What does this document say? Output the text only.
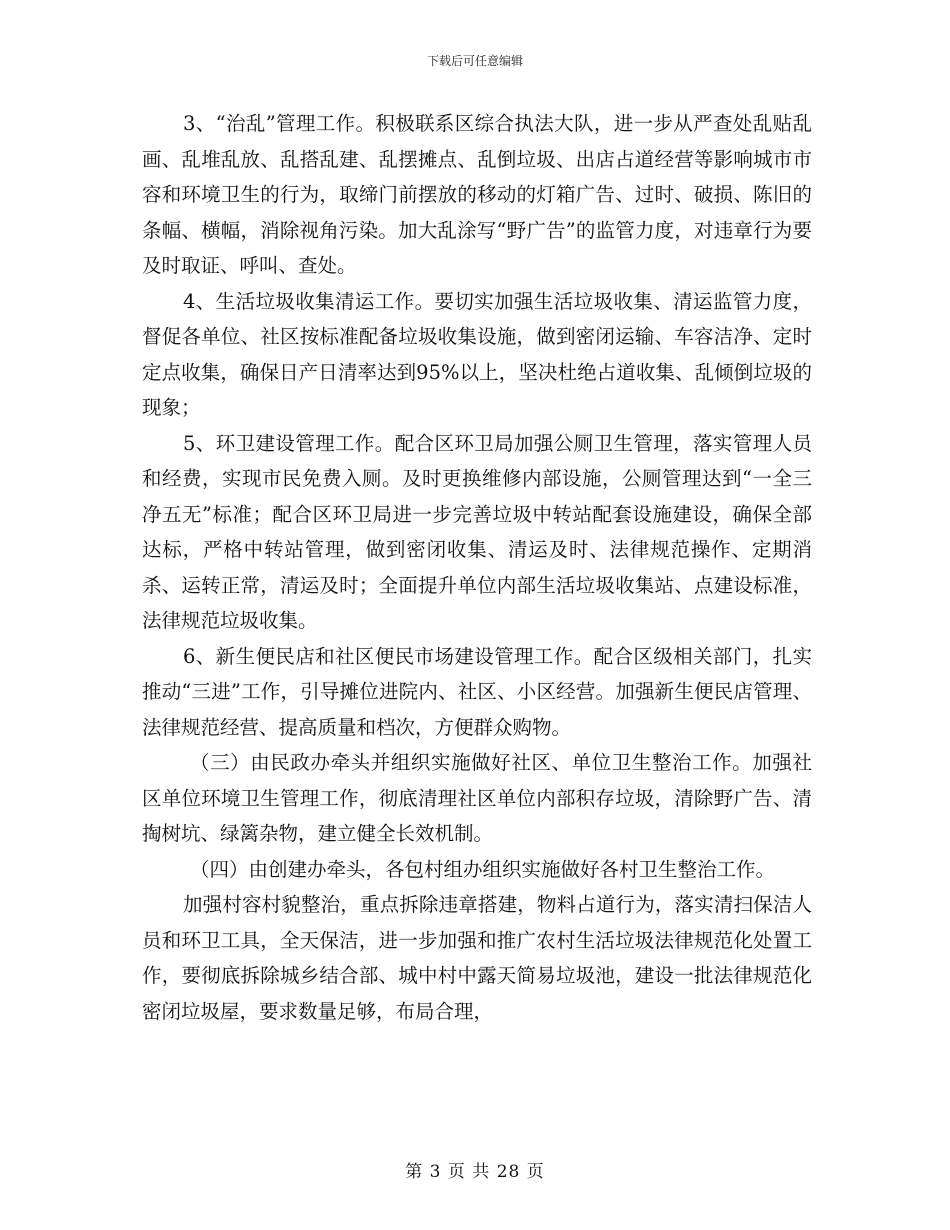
下载后可任意编辑

3、“治乱”管理工作。积极联系区综合执法大队，进一步从严查处乱贴乱画、乱堆乱放、乱搭乱建、乱摆摊点、乱倒垃圾、出店占道经营等影响城市市容和环境卫生的行为，取缔门前摆放的移动的灯箱广告、过时、破损、陈旧的条幅、横幅，消除视角污染。加大乱涂写“野广告”的监管力度，对违章行为要及时取证、呼叫、查处。

4、生活垃圾收集清运工作。要切实加强生活垃圾收集、清运监管力度，督促各单位、社区按标准配备垃圾收集设施，做到密闭运输、车容洁净、定时定点收集，确保日产日清率达到95%以上，坚决杜绝占道收集、乱倾倒垃圾的现象；

5、环卫建设管理工作。配合区环卫局加强公厕卫生管理，落实管理人员和经费，实现市民免费入厕。及时更换维修内部设施，公厕管理达到“一全三净五无”标准；配合区环卫局进一步完善垃圾中转站配套设施建设，确保全部达标，严格中转站管理，做到密闭收集、清运及时、法律规范操作、定期消杀、运转正常，清运及时；全面提升单位内部生活垃圾收集站、点建设标准，法律规范垃圾收集。

6、新生便民店和社区便民市场建设管理工作。配合区级相关部门，扎实推动“三进”工作，引导摊位进院内、社区、小区经营。加强新生便民店管理、法律规范经营、提高质量和档次，方便群众购物。

（三）由民政办牵头并组织实施做好社区、单位卫生整治工作。加强社区单位环境卫生管理工作，彻底清理社区单位内部积存垃圾，清除野广告、清掏树坑、绿篱杂物，建立健全长效机制。

（四）由创建办牵头，各包村组办组织实施做好各村卫生整治工作。

加强村容村貌整治，重点拆除违章搭建，物料占道行为，落实清扫保洁人员和环卫工具，全天保洁，进一步加强和推广农村生活垃圾法律规范化处置工作，要彻底拆除城乡结合部、城中村中露天简易垃圾池，建设一批法律规范化密闭垃圾屋，要求数量足够，布局合理，

第 3 页 共 28 页
